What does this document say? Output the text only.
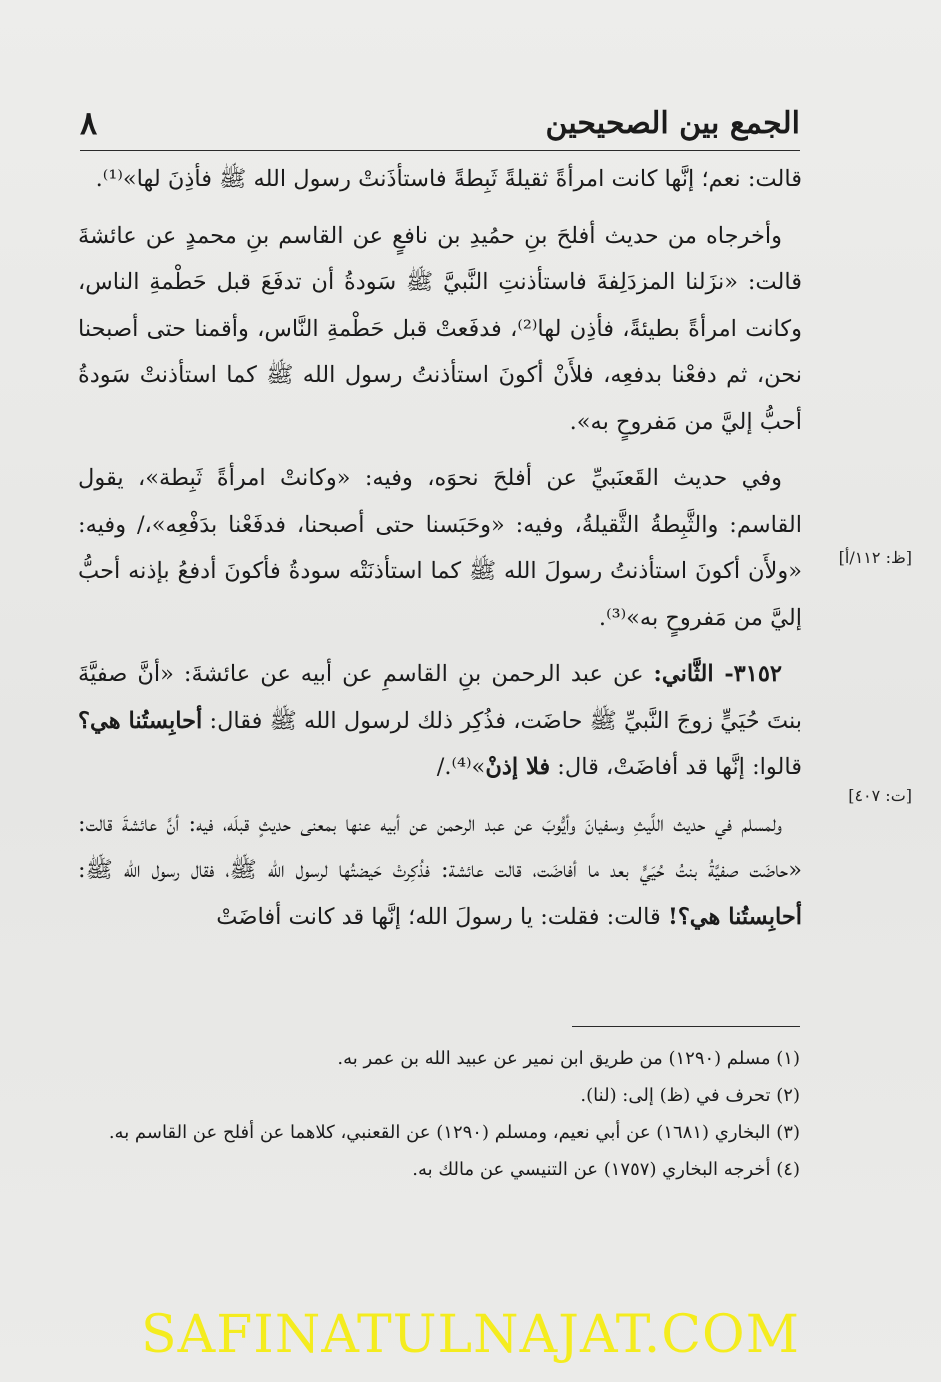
الجمع بين الصحيحين
٨

قالت: نعم؛ إنَّها كانت امرأةً ثقيلةً ثَبِطةً فاستأذَنتْ رسول الله ﷺ فأذِنَ لها»⁽¹⁾.

وأخرجاه من حديث أفلحَ بنِ حمُيدِ بن نافعٍ عن القاسم بنِ محمدٍ عن عائشةَ قالت: «نزَلنا المزدَلِفةَ فاستأذنتِ النَّبيَّ ﷺ سَودةُ أن تدفَعَ قبل حَطْمةِ الناس، وكانت امرأةً بطيئةً، فأذِن لها⁽²⁾، فدفَعتْ قبل حَطْمةِ النَّاس، وأقمنا حتى أصبحنا نحن، ثم دفعْنا بدفعِه، فلأَنْ أكونَ استأذنتُ رسول الله ﷺ كما استأذنتْ سَودةُ أحبُّ إليَّ من مَفروحٍ به».

وفي حديث القَعنَبيِّ عن أفلحَ نحوَه، وفيه: «وكانتْ امرأةً ثَبِطة»، يقول القاسم: والثَّبِطةُ الثَّقيلةُ، وفيه: «وحَبَسنا حتى أصبحنا، فدفَعْنا بدَفْعِه»،/ وفيه: «ولأَن أكونَ استأذنتُ رسولَ الله ﷺ كما استأذنَتْه سودةُ فأكونَ أدفعُ بإذنه أحبُّ إليَّ من مَفروحٍ به»⁽³⁾.

٣١٥٢- الثَّاني: عن عبد الرحمن بنِ القاسمِ عن أبيه عن عائشةَ: «أنَّ صفيَّةَ بنتَ حُيَيٍّ زوجَ النَّبيِّ ﷺ حاضَت، فذُكِر ذلك لرسول الله ﷺ فقال: أحابِستُنا هي؟ قالوا: إنَّها قد أفاضَتْ، قال: فلا إذنْ»⁽⁴⁾./

ولمسلم في حديث اللَّيثِ وسفيانَ وأيُّوبَ عن عبد الرحمن عن أبيه عنها بمعنى حديثٍ قبلَه، فيه: أنَّ عائشةَ قالت: «حاضَت صفيَّةُ بنتُ حُيَيٍّ بعد ما أفاضَت، قالت عائشة: فذُكِرتْ حَيضتُها لرسول الله ﷺ، فقال رسول الله ﷺ: أحابِستُنا هي؟! قالت: فقلت: يا رسولَ الله؛ إنَّها قد كانت أفاضَتْ

[ظ: ١١٢/أ]
[ت: ٤٠٧]

(١) مسلم (١٢٩٠) من طريق ابن نمير عن عبيد الله بن عمر به.

(٢) تحرف في (ظ) إلى: (لنا).

(٣) البخاري (١٦٨١) عن أبي نعيم، ومسلم (١٢٩٠) عن القعنبي، كلاهما عن أفلح عن القاسم به.

(٤) أخرجه البخاري (١٧٥٧) عن التنيسي عن مالك به.

SAFINATULNAJAT.COM
